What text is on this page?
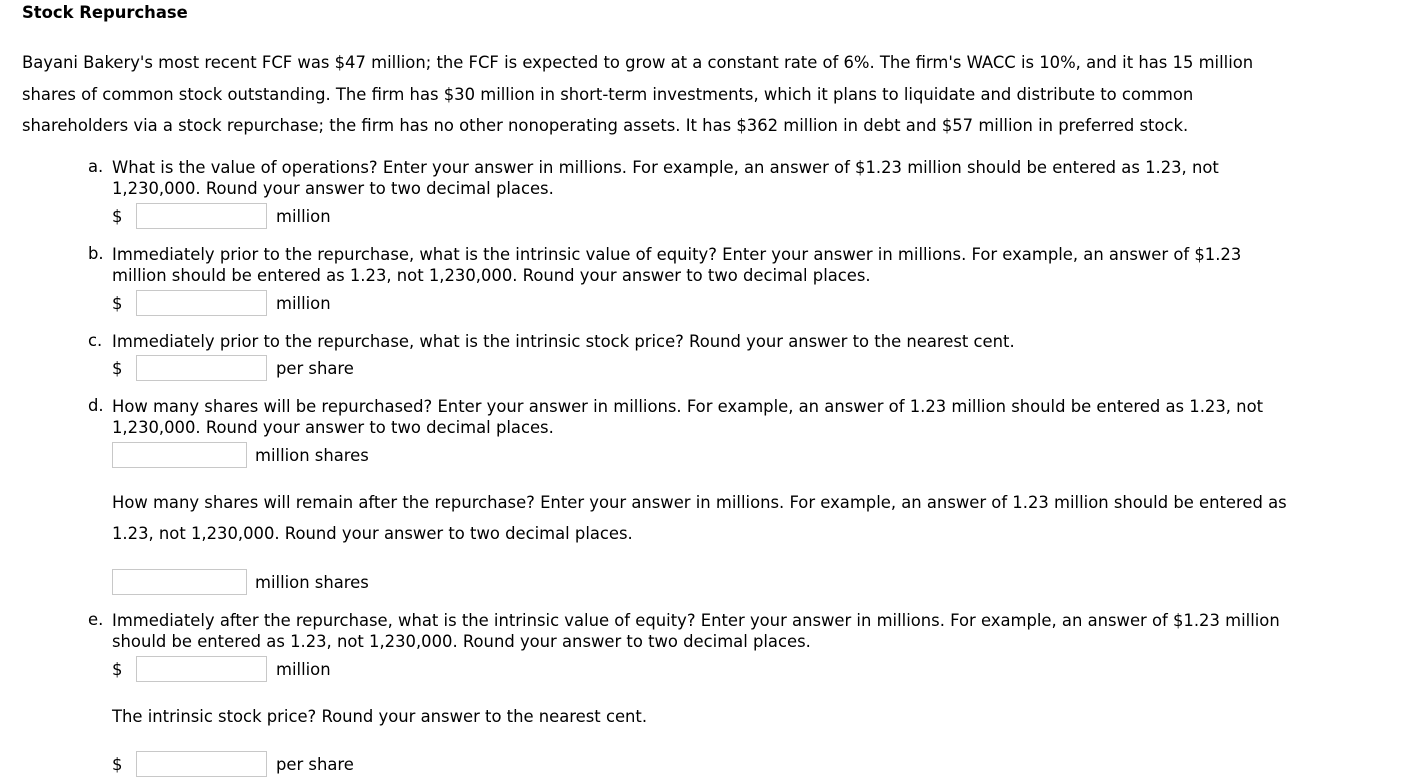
Stock Repurchase

Bayani Bakery's most recent FCF was $47 million; the FCF is expected to grow at a constant rate of 6%. The firm's WACC is 10%, and it has 15 million
shares of common stock outstanding. The firm has $30 million in short-term investments, which it plans to liquidate and distribute to common
shareholders via a stock repurchase; the firm has no other nonoperating assets. It has $362 million in debt and $57 million in preferred stock.

a. What is the value of operations? Enter your answer in millions. For example, an answer of $1.23 million should be entered as 1.23, not
1,230,000. Round your answer to two decimal places.
$	million
b. Immediately prior to the repurchase, what is the intrinsic value of equity? Enter your answer in millions. For example, an answer of $1.23
million should be entered as 1.23, not 1,230,000. Round your answer to two decimal places.
$	million
c. Immediately prior to the repurchase, what is the intrinsic stock price? Round your answer to the nearest cent.
$	per share
d. How many shares will be repurchased? Enter your answer in millions. For example, an answer of 1.23 million should be entered as 1.23, not
1,230,000. Round your answer to two decimal places.
million shares

How many shares will remain after the repurchase? Enter your answer in millions. For example, an answer of 1.23 million should be entered as
1.23, not 1,230,000. Round your answer to two decimal places.

million shares
e. Immediately after the repurchase, what is the intrinsic value of equity? Enter your answer in millions. For example, an answer of $1.23 million
should be entered as 1.23, not 1,230,000. Round your answer to two decimal places.
$	million

The intrinsic stock price? Round your answer to the nearest cent.

$	per share
